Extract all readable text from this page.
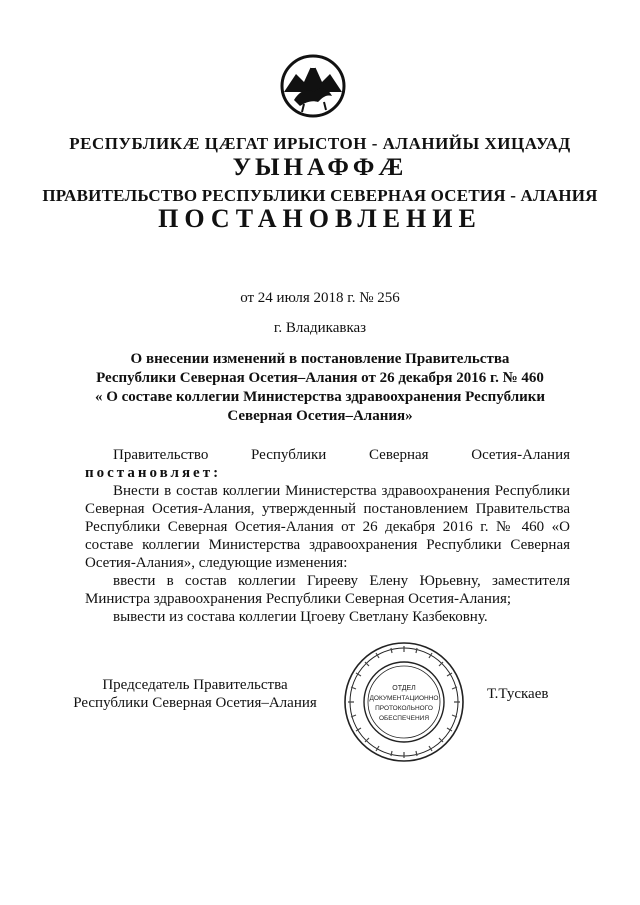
РЕСПУБЛИКӔ ЦӔГАТ ИРЫСТОН - АЛАНИЙЫ ХИЦАУАД
УЫНАФФӔ
ПРАВИТЕЛЬСТВО РЕСПУБЛИКИ СЕВЕРНАЯ ОСЕТИЯ - АЛАНИЯ
ПОСТАНОВЛЕНИЕ
от 24 июля 2018 г. № 256
г. Владикавказ
О внесении изменений в постановление Правительства
Республики Северная Осетия–Алания от 26 декабря 2016 г. № 460
« О составе коллегии Министерства здравоохранения Республики
Северная Осетия–Алания»

Правительство Республики Северная Осетия-Алания постановляет:

Внести в состав коллегии Министерства здравоохранения Республики Северная Осетия-Алания, утвержденный постановлением Правительства Республики Северная Осетия-Алания от 26 декабря 2016 г. № 460 «О составе коллегии Министерства здравоохранения Республики Северная Осетия-Алания», следующие изменения:

ввести в состав коллегии Гирееву Елену Юрьевну, заместителя Министра здравоохранения Республики Северная Осетия-Алания;

вывести из состава коллегии Цгоеву Светлану Казбековну.

Председатель Правительства
Республики Северная Осетия–Алания
ОТДЕЛ
ДОКУМЕНТАЦИОННО
ПРОТОКОЛЬНОГО
ОБЕСПЕЧЕНИЯ
Т.Тускаев
